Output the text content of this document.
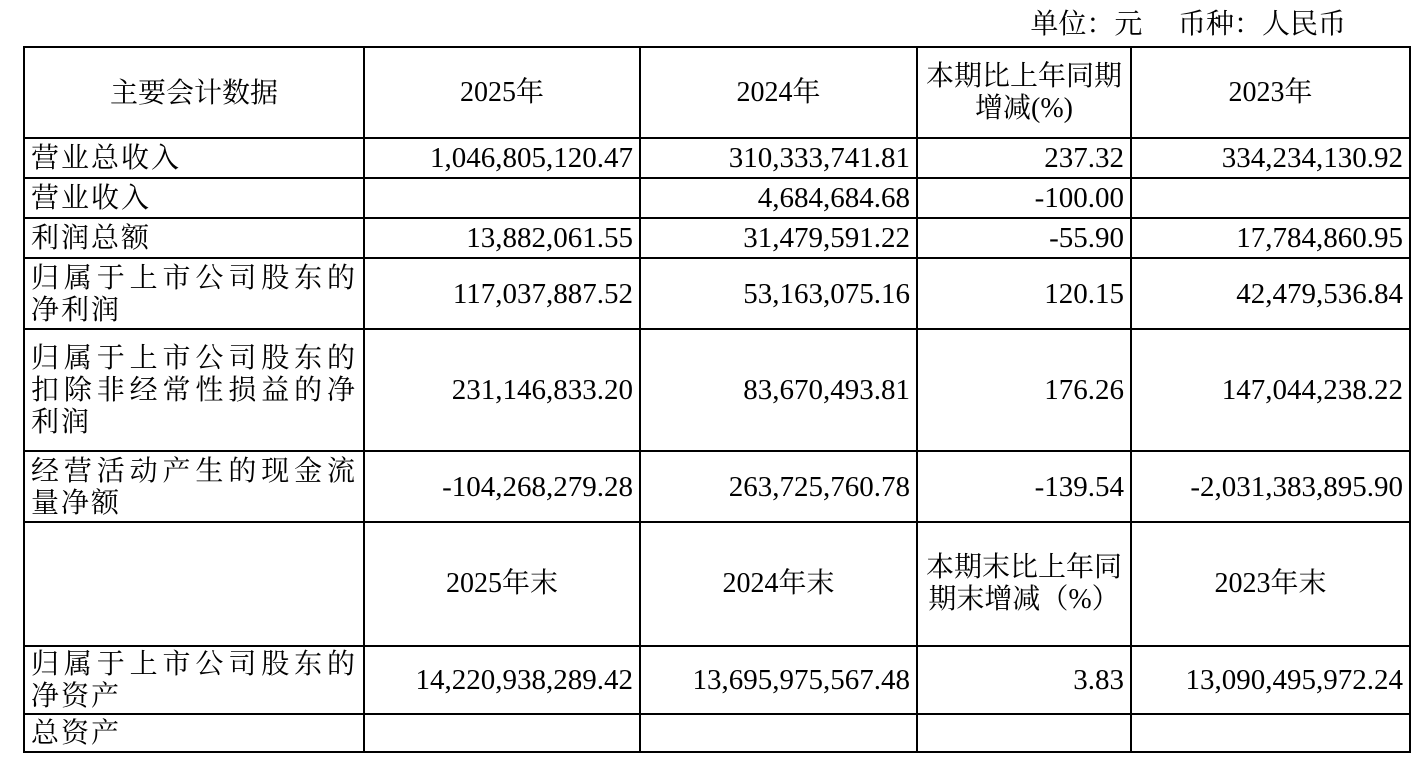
单位：元    币种：人民币
主要会计数据	2025年	2024年	本期比上年同期增减(%)	2023年
营业总收入	1,046,805,120.47	310,333,741.81	237.32	334,234,130.92
营业收入		4,684,684.68	-100.00	
利润总额	13,882,061.55	31,479,591.22	-55.90	17,784,860.95
归属于上市公司股东的净利润	117,037,887.52	53,163,075.16	120.15	42,479,536.84
归属于上市公司股东的扣除非经常性损益的净利润	231,146,833.20	83,670,493.81	176.26	147,044,238.22
经营活动产生的现金流量净额	-104,268,279.28	263,725,760.78	-139.54	-2,031,383,895.90
	2025年末	2024年末	本期末比上年同期末增减（%）	2023年末
归属于上市公司股东的净资产	14,220,938,289.42	13,695,975,567.48	3.83	13,090,495,972.24
总资产				
